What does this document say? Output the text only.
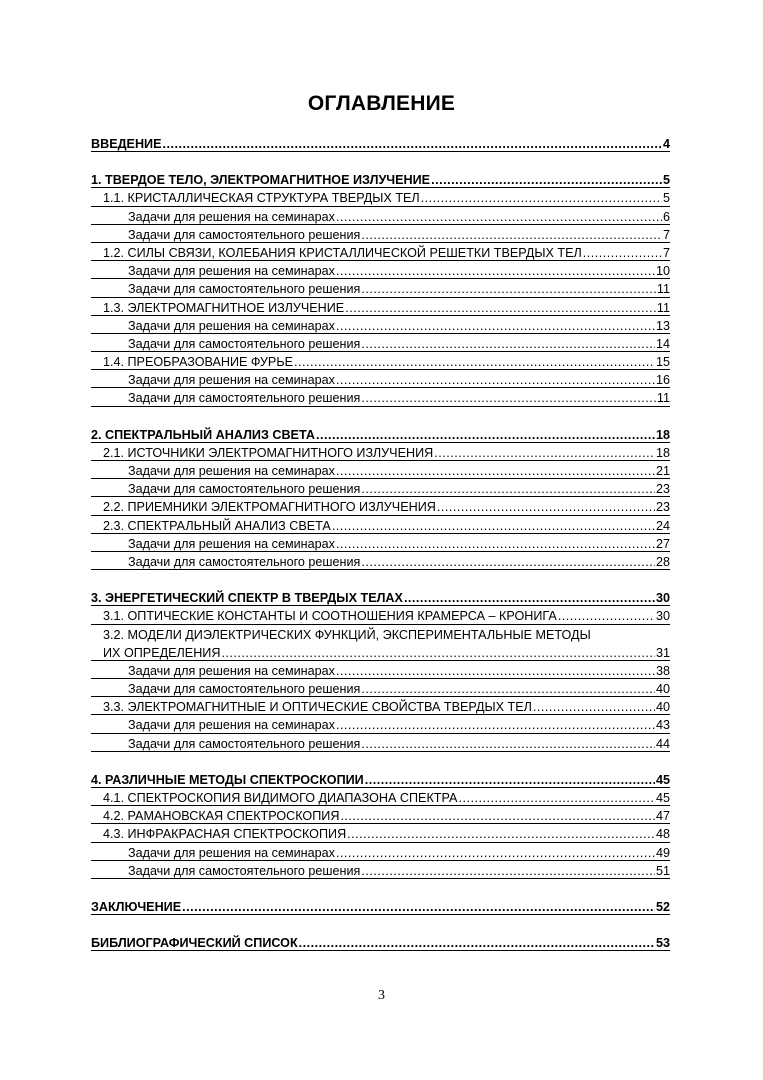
ОГЛАВЛЕНИЕ
ВВЕДЕНИЕ .....	4
1. ТВЕРДОЕ ТЕЛО, ЭЛЕКТРОМАГНИТНОЕ ИЗЛУЧЕНИЕ .....	5
1.1. КРИСТАЛЛИЧЕСКАЯ СТРУКТУРА ТВЕРДЫХ ТЕЛ .....	5
Задачи для решения на семинарах .....	6
Задачи для самостоятельного решения .....	7
1.2. СИЛЫ СВЯЗИ, КОЛЕБАНИЯ КРИСТАЛЛИЧЕСКОЙ РЕШЕТКИ ТВЕРДЫХ ТЕЛ .....	7
Задачи для решения на семинарах .....	10
Задачи для самостоятельного решения .....	11
1.3. ЭЛЕКТРОМАГНИТНОЕ ИЗЛУЧЕНИЕ .....	11
Задачи для решения на семинарах .....	13
Задачи для самостоятельного решения .....	14
1.4. ПРЕОБРАЗОВАНИЕ ФУРЬЕ .....	15
Задачи для решения на семинарах .....	16
Задачи для самостоятельного решения .....	11
2. СПЕКТРАЛЬНЫЙ АНАЛИЗ СВЕТА .....	18
2.1. ИСТОЧНИКИ ЭЛЕКТРОМАГНИТНОГО ИЗЛУЧЕНИЯ .....	18
Задачи для решения на семинарах .....	21
Задачи для самостоятельного решения .....	23
2.2. ПРИЕМНИКИ ЭЛЕКТРОМАГНИТНОГО ИЗЛУЧЕНИЯ .....	23
2.3. СПЕКТРАЛЬНЫЙ АНАЛИЗ СВЕТА .....	24
Задачи для решения на семинарах .....	27
Задачи для самостоятельного решения .....	28
3. ЭНЕРГЕТИЧЕСКИЙ СПЕКТР В ТВЕРДЫХ ТЕЛАХ .....	30
3.1. ОПТИЧЕСКИЕ КОНСТАНТЫ И СООТНОШЕНИЯ КРАМЕРСА – КРОНИГА .....	30
3.2. МОДЕЛИ ДИЭЛЕКТРИЧЕСКИХ ФУНКЦИЙ, ЭКСПЕРИМЕНТАЛЬНЫЕ МЕТОДЫ
ИХ ОПРЕДЕЛЕНИЯ .....	31
Задачи для решения на семинарах .....	38
Задачи для самостоятельного решения .....	40
3.3. ЭЛЕКТРОМАГНИТНЫЕ И ОПТИЧЕСКИЕ СВОЙСТВА ТВЕРДЫХ ТЕЛ .....	40
Задачи для решения на семинарах .....	43
Задачи для самостоятельного решения .....	44
4. РАЗЛИЧНЫЕ МЕТОДЫ СПЕКТРОСКОПИИ .....	45
4.1. СПЕКТРОСКОПИЯ ВИДИМОГО ДИАПАЗОНА СПЕКТРА .....	45
4.2. РАМАНОВСКАЯ СПЕКТРОСКОПИЯ .....	47
4.3. ИНФРАКРАСНАЯ СПЕКТРОСКОПИЯ .....	48
Задачи для решения на семинарах .....	49
Задачи для самостоятельного решения .....	51
ЗАКЛЮЧЕНИЕ .....	52
БИБЛИОГРАФИЧЕСКИЙ СПИСОК .....	53
3
